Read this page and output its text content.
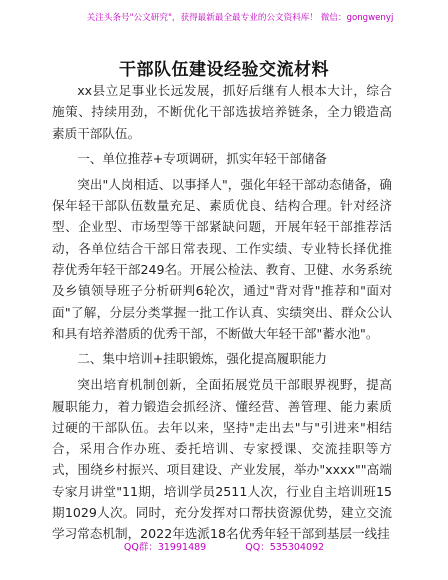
关注头条号"公文研究"，获得最新最全最专业的公文资料库！ 微信：gongwenyj
干部队伍建设经验交流材料

xx县立足事业长远发展，抓好后继有人根本大计，综合施策、持续用劲，不断优化干部选拔培养链条，全力锻造高素质干部队伍。

一、单位推荐+专项调研，抓实年轻干部储备

突出"人岗相适、以事择人"，强化年轻干部动态储备，确保年轻干部队伍数量充足、素质优良、结构合理。针对经济型、企业型、市场型等干部紧缺问题，开展年轻干部推荐活动，各单位结合干部日常表现、工作实绩、专业特长择优推荐优秀年轻干部249名。开展公检法、教育、卫健、水务系统及乡镇领导班子分析研判6轮次，通过"背对背"推荐和"面对面"了解，分层分类掌握一批工作认真、实绩突出、群众公认和具有培养潜质的优秀干部，不断做大年轻干部"蓄水池"。

二、集中培训+挂职锻炼，强化提高履职能力

突出培育机制创新，全面拓展党员干部眼界视野，提高履职能力，着力锻造会抓经济、懂经营、善管理、能力素质过硬的干部队伍。去年以来，坚持"走出去"与"引进来"相结合，采用合作办班、委托培训、专家授课、交流挂职等方式，围绕乡村振兴、项目建设、产业发展，举办"xxxx""高端专家月讲堂"11期，培训学员2511人次，行业自主培训班15期1029人次。同时，充分发挥对口帮扶资源优势，建立交流学习常态机制，2022年选派18名优秀年轻干部到基层一线挂

QQ群：31991489	QQ：535304092
